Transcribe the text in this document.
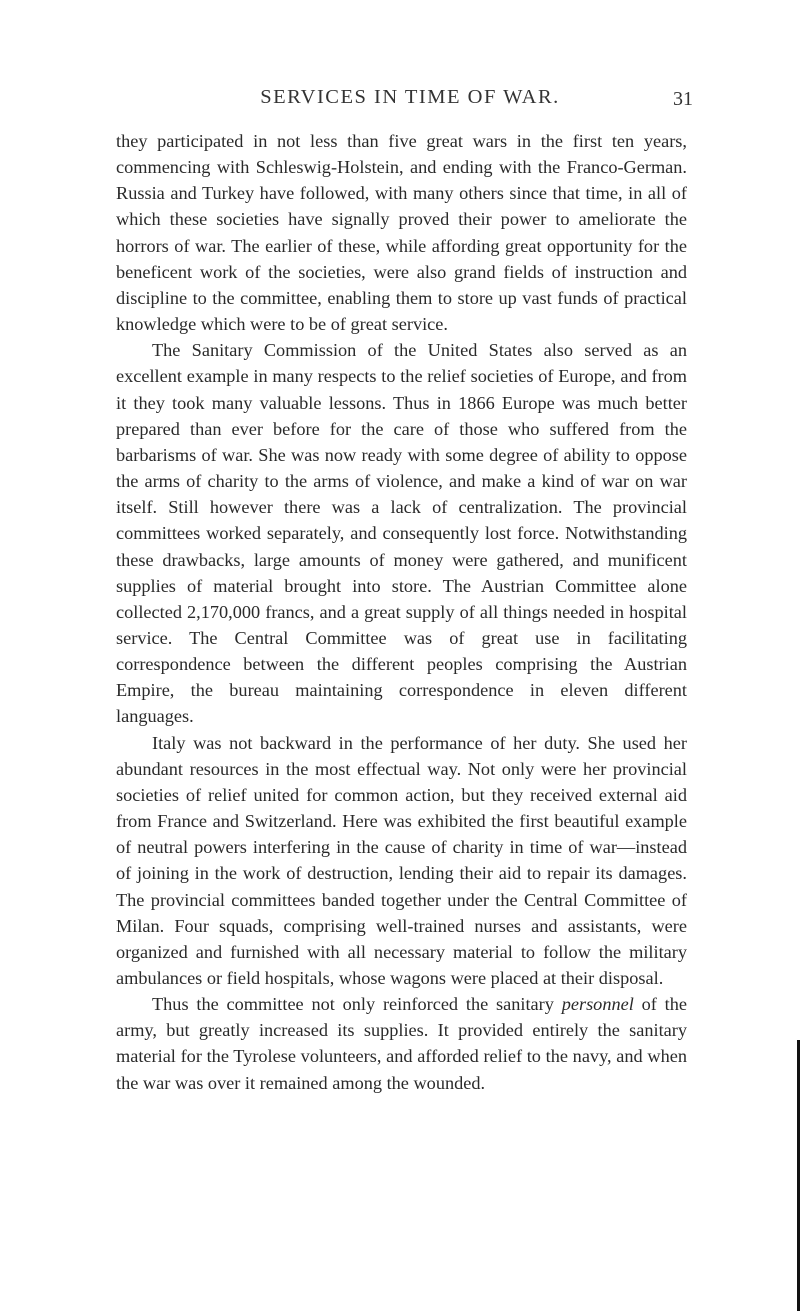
SERVICES IN TIME OF WAR.	31

they participated in not less than five great wars in the first ten years, commencing with Schleswig-Holstein, and ending with the Franco-German. Russia and Turkey have followed, with many others since that time, in all of which these societies have signally proved their power to ameliorate the horrors of war. The earlier of these, while affording great opportunity for the beneficent work of the societies, were also grand fields of instruction and discipline to the committee, enabling them to store up vast funds of practical knowledge which were to be of great service.

The Sanitary Commission of the United States also served as an excellent example in many respects to the relief societies of Europe, and from it they took many valuable lessons. Thus in 1866 Europe was much better prepared than ever before for the care of those who suffered from the barbarisms of war. She was now ready with some degree of ability to oppose the arms of charity to the arms of violence, and make a kind of war on war itself. Still however there was a lack of centralization. The provincial committees worked separately, and consequently lost force. Notwithstanding these drawbacks, large amounts of money were gathered, and munificent supplies of material brought into store. The Austrian Committee alone collected 2,170,000 francs, and a great supply of all things needed in hospital service. The Central Committee was of great use in facilitating correspondence between the different peoples comprising the Austrian Empire, the bureau maintaining correspondence in eleven different languages.

Italy was not backward in the performance of her duty. She used her abundant resources in the most effectual way. Not only were her provincial societies of relief united for common action, but they received external aid from France and Switzerland. Here was exhibited the first beautiful example of neutral powers interfering in the cause of charity in time of war—instead of joining in the work of destruction, lending their aid to repair its damages. The provincial committees banded together under the Central Committee of Milan. Four squads, comprising well-trained nurses and assistants, were organized and furnished with all necessary material to follow the military ambulances or field hospitals, whose wagons were placed at their disposal.

Thus the committee not only reinforced the sanitary personnel of the army, but greatly increased its supplies. It provided entirely the sanitary material for the Tyrolese volunteers, and afforded relief to the navy, and when the war was over it remained among the wounded.
